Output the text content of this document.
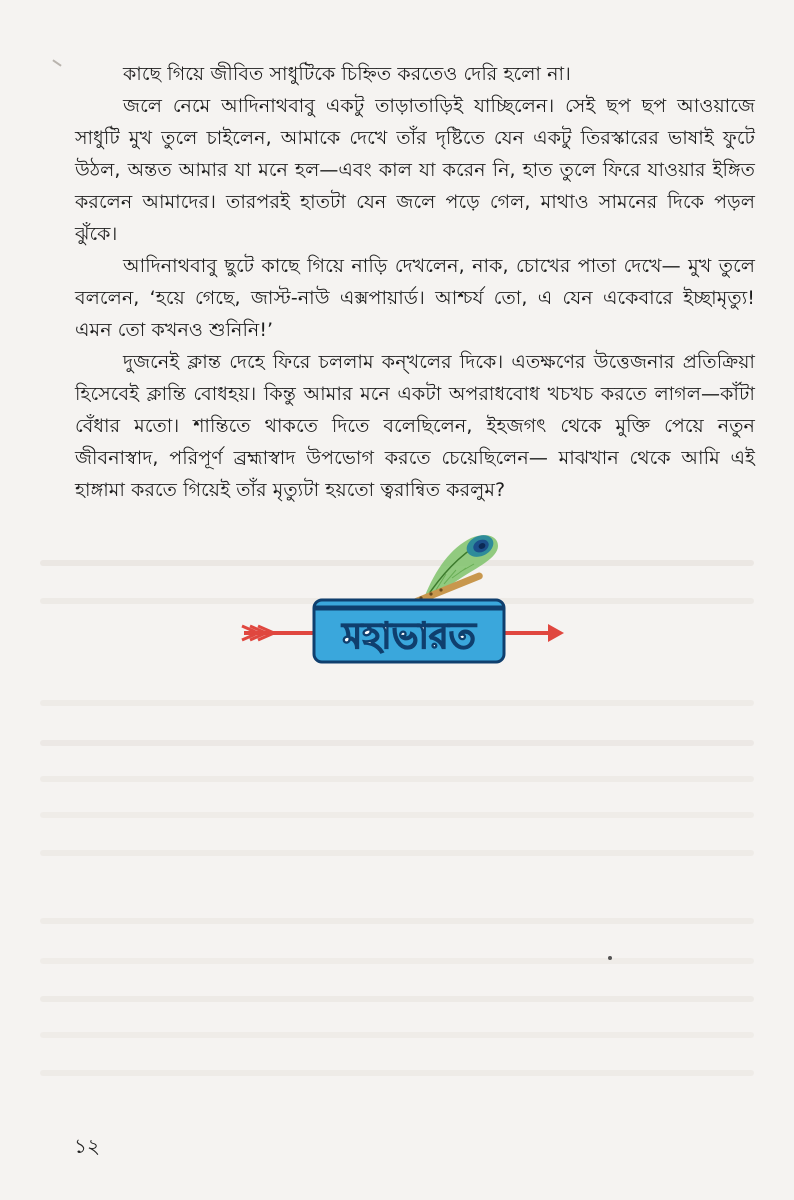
কাছে গিয়ে জীবিত সাধুটিকে চিহ্নিত করতেও দেরি হলো না।

জলে নেমে আদিনাথবাবু একটু তাড়াতাড়িই যাচ্ছিলেন। সেই ছপ ছপ আওয়াজে সাধুটি মুখ তুলে চাইলেন, আমাকে দেখে তাঁর দৃষ্টিতে যেন একটু তিরস্কারের ভাষাই ফুটে উঠল, অন্তত আমার যা মনে হল—এবং কাল যা করেন নি, হাত তুলে ফিরে যাওয়ার ইঙ্গিত করলেন আমাদের। তারপরই হাতটা যেন জলে পড়ে গেল, মাথাও সামনের দিকে পড়ল ঝুঁকে।

আদিনাথবাবু ছুটে কাছে গিয়ে নাড়ি দেখলেন, নাক, চোখের পাতা দেখে— মুখ তুলে বললেন, ‘হয়ে গেছে, জাস্ট-নাউ এক্সপায়ার্ড। আশ্চর্য তো, এ যেন একেবারে ইচ্ছামৃত্যু! এমন তো কখনও শুনিনি!’

দুজনেই ক্লান্ত দেহে ফিরে চললাম কন্‌খলের দিকে। এতক্ষণের উত্তেজনার প্রতিক্রিয়া হিসেবেই ক্লান্তি বোধহয়। কিন্তু আমার মনে একটা অপরাধবোধ খচখচ করতে লাগল—কাঁটা বেঁধার মতো। শান্তিতে থাকতে দিতে বলেছিলেন, ইহজগৎ থেকে মুক্তি পেয়ে নতুন জীবনাস্বাদ, পরিপূর্ণ ব্রহ্মাস্বাদ উপভোগ করতে চেয়েছিলেন— মাঝখান থেকে আমি এই হাঙ্গামা করতে গিয়েই তাঁর মৃত্যুটা হয়তো ত্বরান্বিত করলুম?

মহাভারত
১২
